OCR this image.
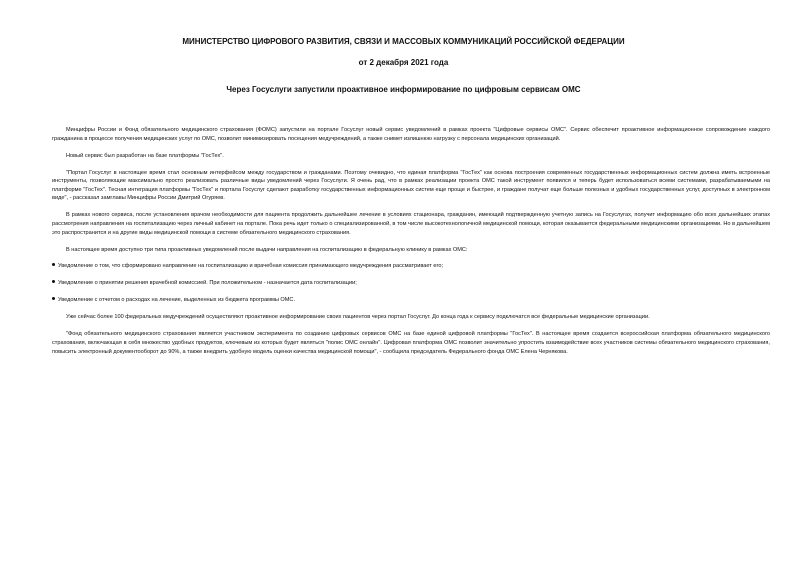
МИНИСТЕРСТВО ЦИФРОВОГО РАЗВИТИЯ, СВЯЗИ И МАССОВЫХ КОММУНИКАЦИЙ РОССИЙСКОЙ ФЕДЕРАЦИИ
от 2 декабря 2021 года
Через Госуслуги запустили проактивное информирование по цифровым сервисам ОМС

Минцифры России и Фонд обязательного медицинского страхования (ФОМС) запустили на портале Госуслуг новый сервис уведомлений в рамках проекта "Цифровые сервисы ОМС". Сервис обеспечит проактивное информационное сопровождение каждого гражданина в процессе получения медицинских услуг по ОМС, позволит минимизировать посещения медучреждений, а также снимет излишнюю нагрузку с персонала медицинских организаций.

Новый сервис был разработан на базе платформы "ГосТех".

"Портал Госуслуг в настоящее время стал основным интерфейсом между государством и гражданами. Поэтому очевидно, что единая платформа "ГосТех" как основа построения современных государственных информационных систем должна иметь встроенные инструменты, позволяющие максимально просто реализовать различные виды уведомлений через Госуслуги. Я очень рад, что в рамках реализации проекта ОМС такой инструмент появился и теперь будет использоваться всеми системами, разрабатываемыми на платформе "ГосТех". Тесная интеграция платформы "ГосТех" и портала Госуслуг сделают разработку государственных информационных систем еще проще и быстрее, и граждане получат еще больше полезных и удобных государственных услуг, доступных в электронном виде", - рассказал замглавы Минцифры России Дмитрий Огуряев.

В рамках нового сервиса, после установления врачом необходимости для пациента продолжить дальнейшее лечение в условиях стационара, гражданин, имеющий подтвержденную учетную запись на Госуслугах, получит информацию обо всех дальнейших этапах рассмотрения направления на госпитализацию через личный кабинет на портале. Пока речь идет только о специализированной, в том числе высокотехнологичной медицинской помощи, которая оказывается федеральными медицинскими организациями. Но в дальнейшем это распространится и на другие виды медицинской помощи в системе обязательного медицинского страхования.

В настоящее время доступно три типа проактивных уведомлений после выдачи направления на госпитализацию в федеральную клинику в рамках ОМС:

Уведомление о том, что сформировано направление на госпитализацию и врачебная комиссия принимающего медучреждения рассматривает его;

Уведомление о принятии решения врачебной комиссией. При положительном - назначается дата госпитализации;

Уведомление с отчетом о расходах на лечение, выделенных из бюджета программы ОМС.

Уже сейчас более 100 федеральных медучреждений осуществляют проактивное информирование своих пациентов через портал Госуслуг. До конца года к сервису подключатся все федеральные медицинские организации.

"Фонд обязательного медицинского страхования является участником эксперимента по созданию цифровых сервисов ОМС на базе единой цифровой платформы "ГосТех". В настоящее время создается всероссийская платформа обязательного медицинского страхования, включающая в себя множество удобных продуктов, ключевым из которых будет являться "полис ОМС онлайн". Цифровая платформа ОМС позволит значительно упростить взаимодействие всех участников системы обязательного медицинского страхования, повысить электронный документооборот до 90%, а также внедрить удобную модель оценки качества медицинской помощи", - сообщила председатель Федерального фонда ОМС Елена Чернякова.
